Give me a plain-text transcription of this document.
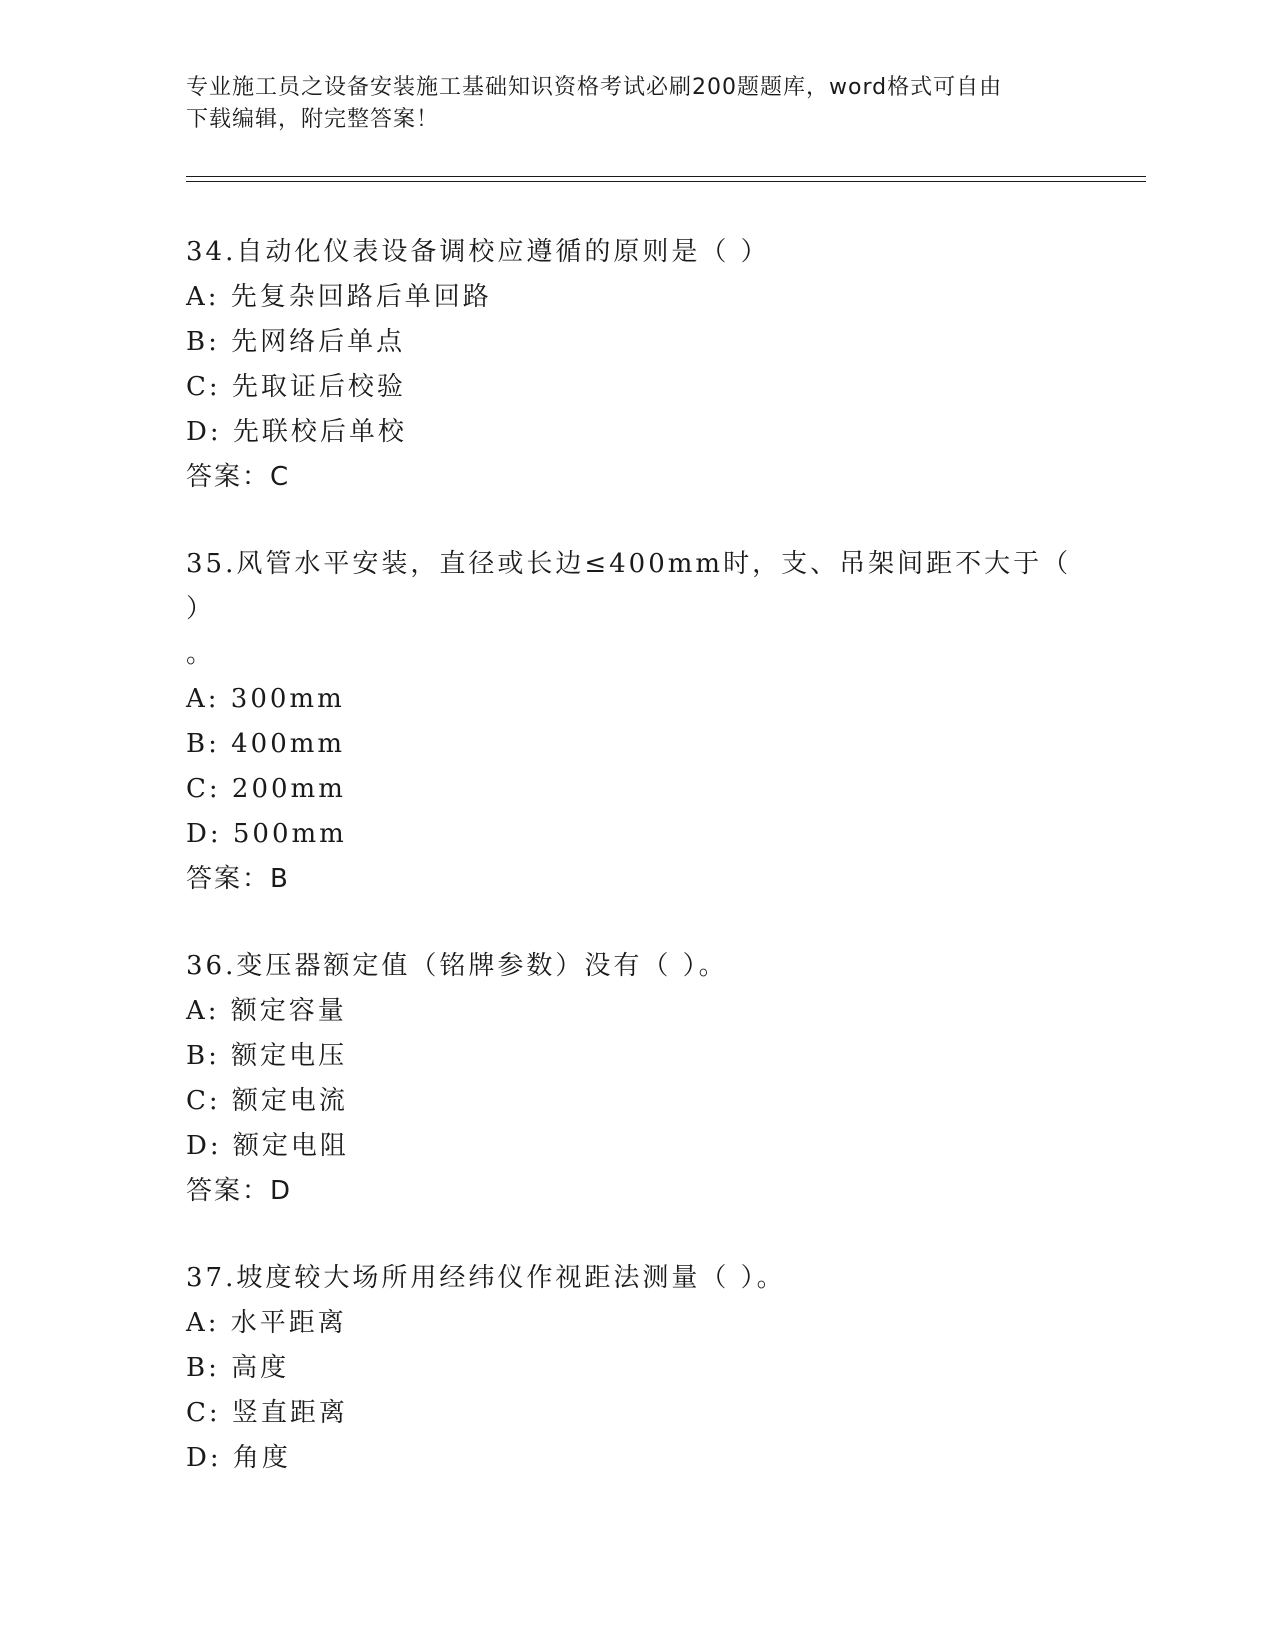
专业施工员之设备安装施工基础知识资格考试必刷200题题库，word格式可自由
下载编辑，附完整答案！
34.自动化仪表设备调校应遵循的原则是（ ）
A: 先复杂回路后单回路
B: 先网络后单点
C: 先取证后校验
D: 先联校后单校
答案：C
35.风管水平安装，直径或长边≤400mm时，支、吊架间距不大于（ ）
。
A: 300mm
B: 400mm
C: 200mm
D: 500mm
答案：B
36.变压器额定值（铭牌参数）没有（ ）。
A: 额定容量
B: 额定电压
C: 额定电流
D: 额定电阻
答案：D
37.坡度较大场所用经纬仪作视距法测量（ ）。
A: 水平距离
B: 高度
C: 竖直距离
D: 角度
